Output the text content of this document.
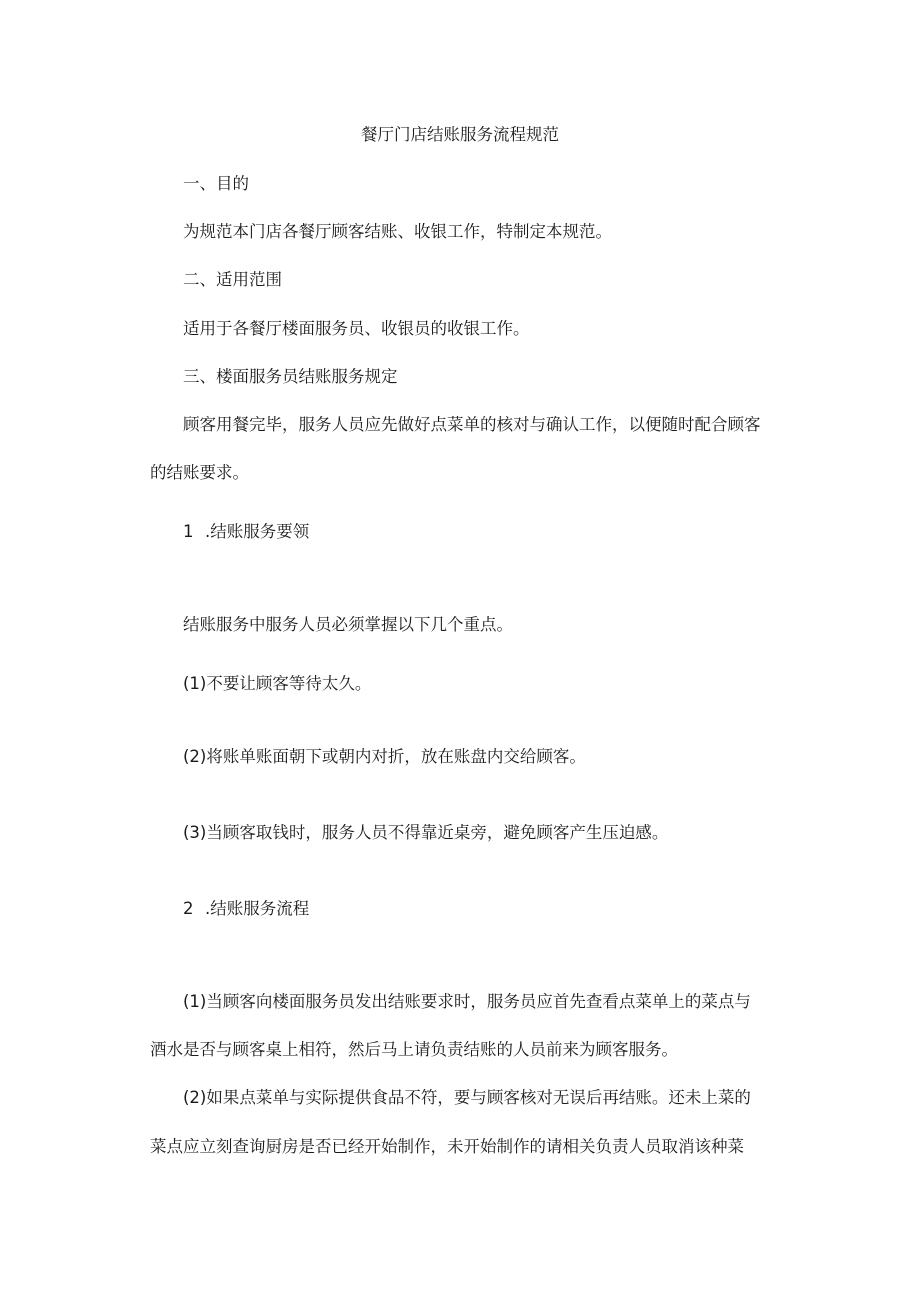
餐厅门店结账服务流程规范
一、目的
为规范本门店各餐厅顾客结账、收银工作，特制定本规范。
二、适用范围
适用于各餐厅楼面服务员、收银员的收银工作。
三、楼面服务员结账服务规定
顾客用餐完毕，服务人员应先做好点菜单的核对与确认工作，以便随时配合顾客
的结账要求。
1 .结账服务要领
结账服务中服务人员必须掌握以下几个重点。
(1)不要让顾客等待太久。
(2)将账单账面朝下或朝内对折，放在账盘内交给顾客。
(3)当顾客取钱时，服务人员不得靠近桌旁，避免顾客产生压迫感。
2 .结账服务流程
(1)当顾客向楼面服务员发出结账要求时，服务员应首先查看点菜单上的菜点与
酒水是否与顾客桌上相符，然后马上请负责结账的人员前来为顾客服务。
(2)如果点菜单与实际提供食品不符，要与顾客核对无误后再结账。还未上菜的
菜点应立刻查询厨房是否已经开始制作，未开始制作的请相关负责人员取消该种菜
